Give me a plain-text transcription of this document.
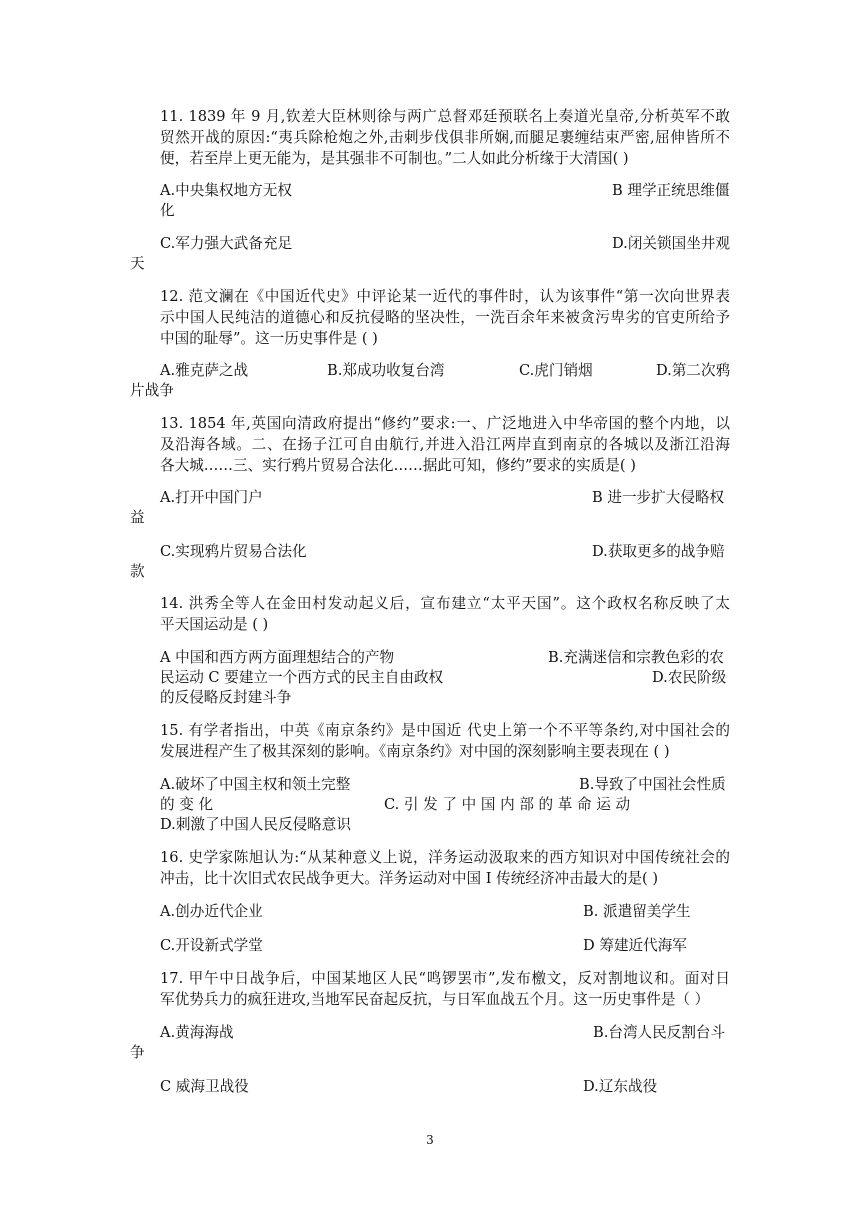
11. 1839 年 9 月,钦差大臣林则徐与两广总督邓廷预联名上奏道光皇帝,分析英军不敢
贸然开战的原因:“夷兵除枪炮之外,击刺步伐俱非所娴,而腿足裹缠结束严密,屈伸皆所不
便，若至岸上更无能为，是其强非不可制也。”二人如此分析缘于大清国( )
A.中央集权地方无权	B 理学正统思维僵
化
C.军力强大武备充足	D.闭关锁国坐井观
天
12. 范文澜在《中国近代史》中评论某一近代的事件时，认为该事件“第一次向世界表
示中国人民纯洁的道德心和反抗侵略的坚决性，一洗百余年来被贪污卑劣的官吏所给予
中国的耻辱”。这一历史事件是 ( )
A.雅克萨之战	B.郑成功收复台湾	C.虎门销烟	D.第二次鸦
片战争
13. 1854 年,英国向清政府提出“修约”要求:一、广泛地进入中华帝国的整个内地，以
及沿海各域。二、在扬子江可自由航行,并进入沿江两岸直到南京的各城以及浙江沿海
各大城……三、实行鸦片贸易合法化……据此可知，修约”要求的实质是( )
A.打开中国门户	B 进一步扩大侵略权
益
C.实现鸦片贸易合法化	D.获取更多的战争赔
款
14. 洪秀全等人在金田村发动起义后，宣布建立“太平天国”。这个政权名称反映了太
平天国运动是 ( )
A 中国和西方两方面理想结合的产物	B.充满迷信和宗教色彩的农
民运动 C 要建立一个西方式的民主自由政权	D.农民阶级
的反侵略反封建斗争
15. 有学者指出，中英《南京条约》是中国近 代史上第一个不平等条约,对中国社会的
发展进程产生了极其深刻的影响。《南京条约》对中国的深刻影响主要表现在 ( )
A.破坏了中国主权和领土完整	B.导致了中国社会性质
的 变 化	C. 引 发 了 中 国 内 部 的 革 命 运 动
D.刺激了中国人民反侵略意识
16. 史学家陈旭认为:“从某种意义上说，洋务运动汲取来的西方知识对中国传统社会的
冲击，比十次旧式农民战争更大。洋务运动对中国 I 传统经济冲击最大的是( )
A.创办近代企业	B. 派遣留美学生
C.开设新式学堂	D 筹建近代海军
17. 甲午中日战争后，中国某地区人民“鸣锣罢市”,发布檄文，反对割地议和。面对日
军优势兵力的疯狂进攻,当地军民奋起反抗，与日军血战五个月。这一历史事件是（ ）
A.黄海海战	B.台湾人民反割台斗
争
C 威海卫战役	D.辽东战役
3
